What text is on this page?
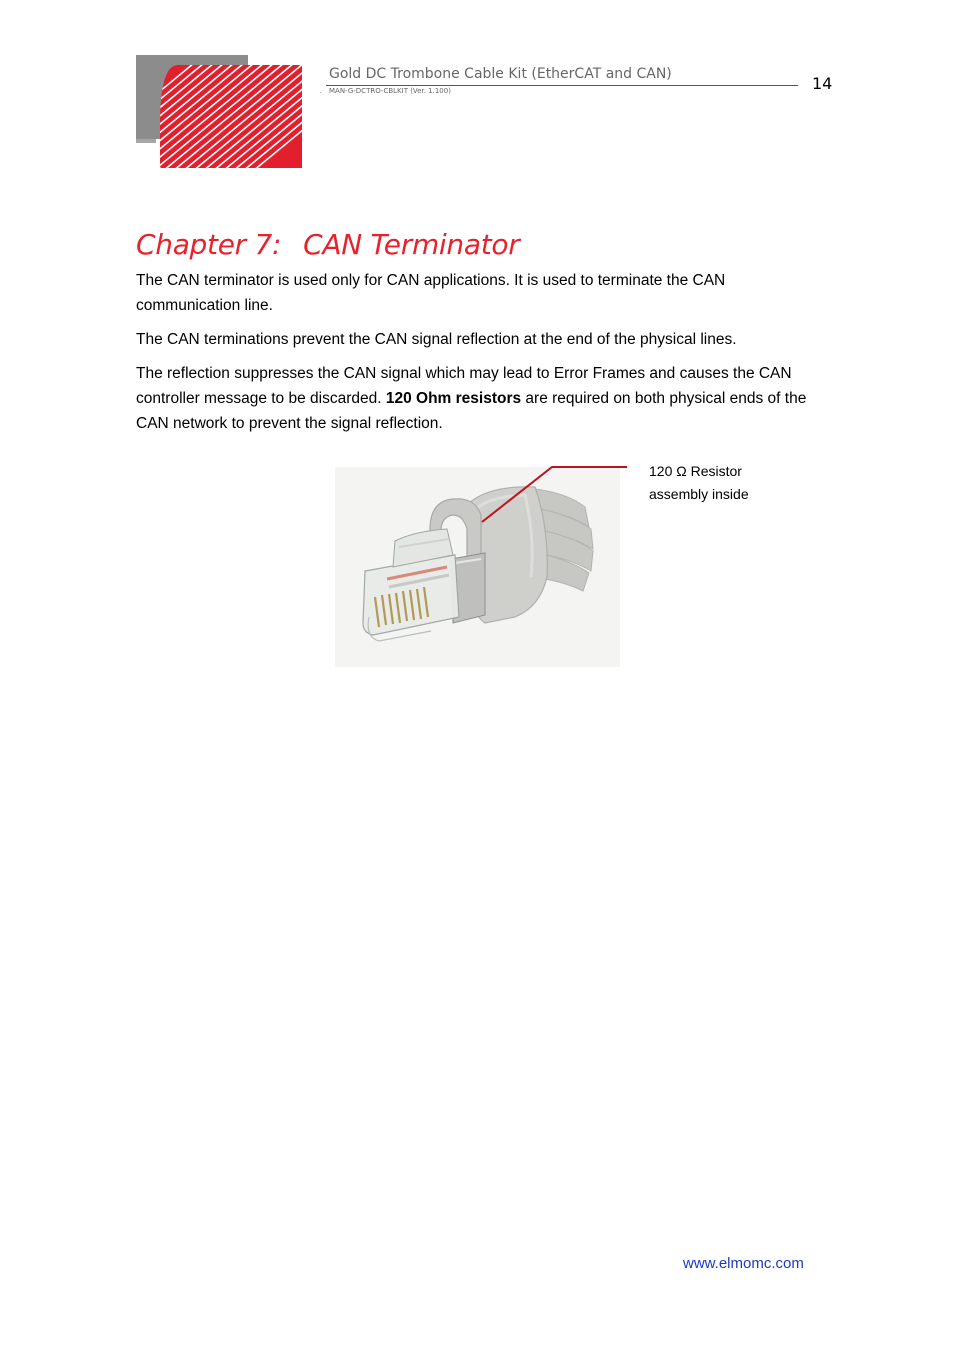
Gold DC Trombone Cable Kit (EtherCAT and CAN)
· MAN-G-DCTRO-CBLKIT (Ver. 1.100)	14
Chapter 7: CAN Terminator

The CAN terminator is used only for CAN applications. It is used to terminate the CAN communication line.

The CAN terminations prevent the CAN signal reflection at the end of the physical lines.

The reflection suppresses the CAN signal which may lead to Error Frames and causes the CAN controller message to be discarded. 120 Ohm resistors are required on both physical ends of the CAN network to prevent the signal reflection.

120 Ω Resistor
assembly inside
www.elmomc.com
